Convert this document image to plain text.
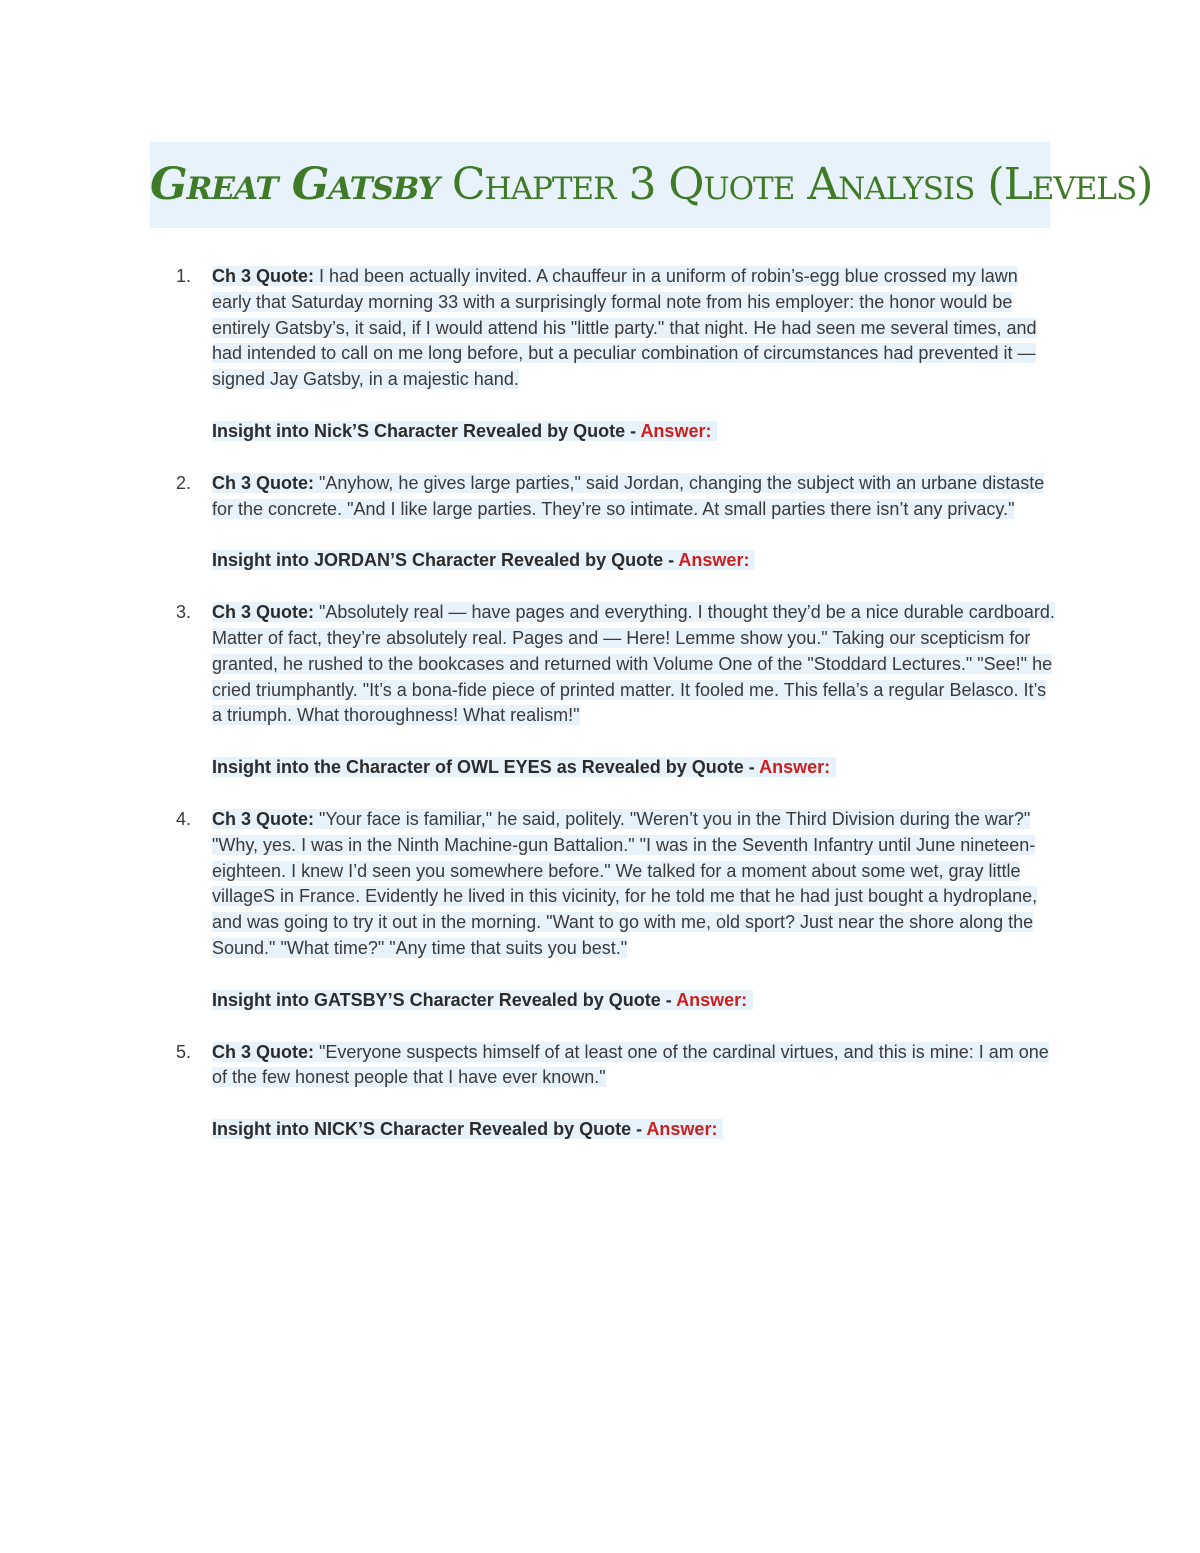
Great Gatsby Chapter 3 Quote Analysis (Levels)
1. Ch 3 Quote: I had been actually invited. A chauffeur in a uniform of robin’s-egg blue crossed my lawn early that Saturday morning 33 with a surprisingly formal note from his employer: the honor would be entirely Gatsby’s, it said, if I would attend his "little party." that night. He had seen me several times, and had intended to call on me long before, but a peculiar combination of circumstances had prevented it — signed Jay Gatsby, in a majestic hand.

Insight into Nick’S Character Revealed by Quote - Answer:

2. Ch 3 Quote: "Anyhow, he gives large parties," said Jordan, changing the subject with an urbane distaste for the concrete. "And I like large parties. They’re so intimate. At small parties there isn’t any privacy."

Insight into JORDAN’S Character Revealed by Quote - Answer:

3. Ch 3 Quote: "Absolutely real — have pages and everything. I thought they’d be a nice durable cardboard. Matter of fact, they’re absolutely real. Pages and — Here! Lemme show you." Taking our scepticism for granted, he rushed to the bookcases and returned with Volume One of the "Stoddard Lectures." "See!" he cried triumphantly. "It’s a bona-fide piece of printed matter. It fooled me. This fella’s a regular Belasco. It’s a triumph. What thoroughness! What realism!"

Insight into the Character of OWL EYES as Revealed by Quote - Answer:

4. Ch 3 Quote: "Your face is familiar," he said, politely. "Weren’t you in the Third Division during the war?" "Why, yes. I was in the Ninth Machine-gun Battalion." "I was in the Seventh Infantry until June nineteen-eighteen. I knew I’d seen you somewhere before." We talked for a moment about some wet, gray little villageS in France. Evidently he lived in this vicinity, for he told me that he had just bought a hydroplane, and was going to try it out in the morning. "Want to go with me, old sport? Just near the shore along the Sound." "What time?" "Any time that suits you best."

Insight into GATSBY’S Character Revealed by Quote - Answer:

5. Ch 3 Quote: "Everyone suspects himself of at least one of the cardinal virtues, and this is mine: I am one of the few honest people that I have ever known."

Insight into NICK’S Character Revealed by Quote - Answer:
